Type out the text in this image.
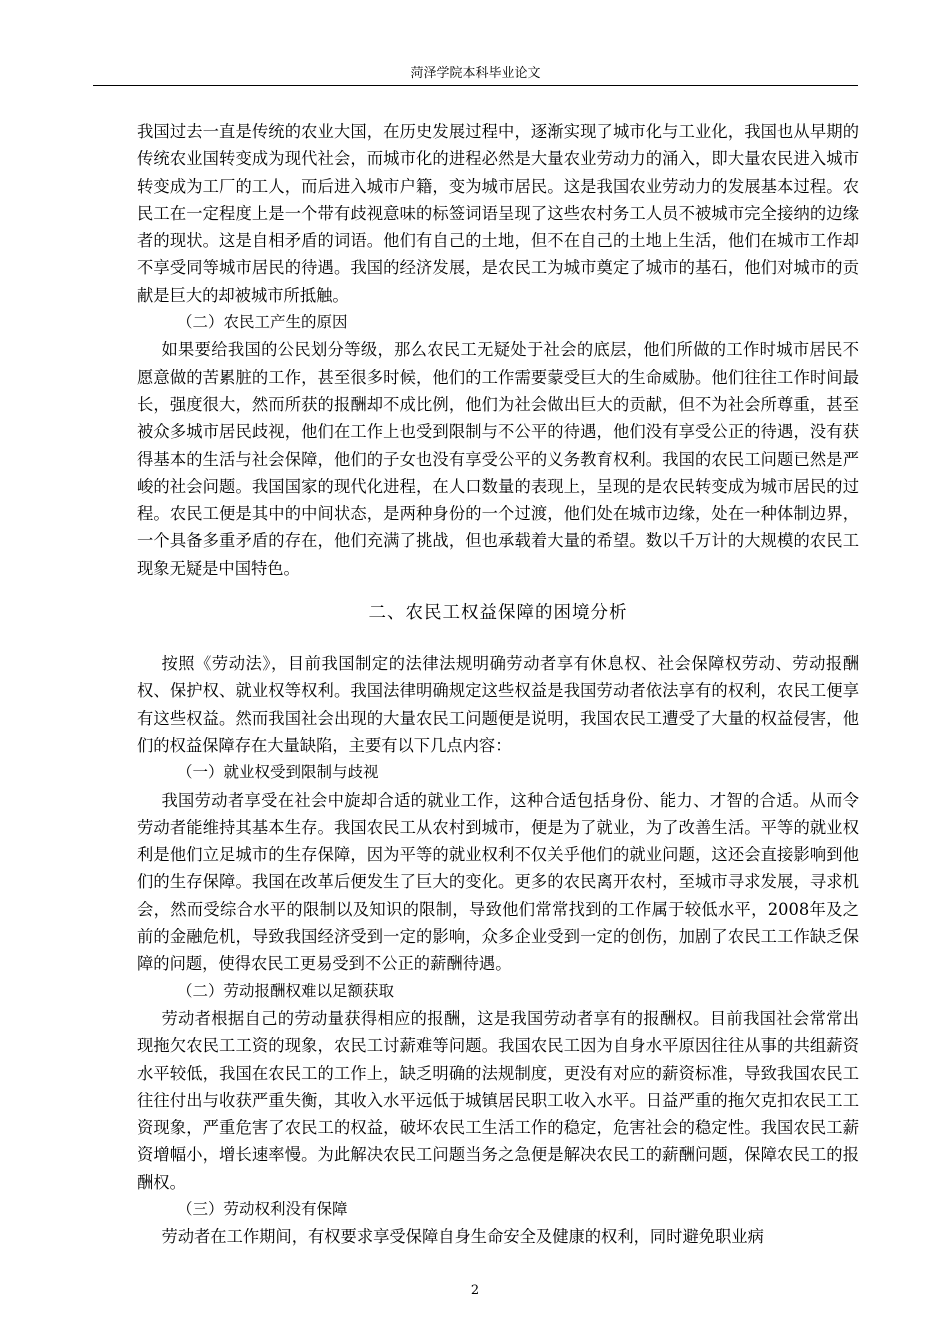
菏泽学院本科毕业论文

我国过去一直是传统的农业大国，在历史发展过程中，逐渐实现了城市化与工业化，我国也从早期的传统农业国转变成为现代社会，而城市化的进程必然是大量农业劳动力的涌入，即大量农民进入城市转变成为工厂的工人，而后进入城市户籍，变为城市居民。这是我国农业劳动力的发展基本过程。农民工在一定程度上是一个带有歧视意味的标签词语呈现了这些农村务工人员不被城市完全接纳的边缘者的现状。这是自相矛盾的词语。他们有自己的土地，但不在自己的土地上生活，他们在城市工作却不享受同等城市居民的待遇。我国的经济发展，是农民工为城市奠定了城市的基石，他们对城市的贡献是巨大的却被城市所抵触。

（二）农民工产生的原因

如果要给我国的公民划分等级，那么农民工无疑处于社会的底层，他们所做的工作时城市居民不愿意做的苦累脏的工作，甚至很多时候，他们的工作需要蒙受巨大的生命威胁。他们往往工作时间最长，强度很大，然而所获的报酬却不成比例，他们为社会做出巨大的贡献，但不为社会所尊重，甚至被众多城市居民歧视，他们在工作上也受到限制与不公平的待遇，他们没有享受公正的待遇，没有获得基本的生活与社会保障，他们的子女也没有享受公平的义务教育权利。我国的农民工问题已然是严峻的社会问题。我国国家的现代化进程，在人口数量的表现上，呈现的是农民转变成为城市居民的过程。农民工便是其中的中间状态，是两种身份的一个过渡，他们处在城市边缘，处在一种体制边界，一个具备多重矛盾的存在，他们充满了挑战，但也承载着大量的希望。数以千万计的大规模的农民工现象无疑是中国特色。

二、农民工权益保障的困境分析

按照《劳动法》，目前我国制定的法律法规明确劳动者享有休息权、社会保障权劳动、劳动报酬权、保护权、就业权等权利。我国法律明确规定这些权益是我国劳动者依法享有的权利，农民工便享有这些权益。然而我国社会出现的大量农民工问题便是说明，我国农民工遭受了大量的权益侵害，他们的权益保障存在大量缺陷，主要有以下几点内容：

（一）就业权受到限制与歧视

我国劳动者享受在社会中旋却合适的就业工作，这种合适包括身份、能力、才智的合适。从而令劳动者能维持其基本生存。我国农民工从农村到城市，便是为了就业，为了改善生活。平等的就业权利是他们立足城市的生存保障，因为平等的就业权利不仅关乎他们的就业问题，这还会直接影响到他们的生存保障。我国在改革后便发生了巨大的变化。更多的农民离开农村，至城市寻求发展，寻求机会，然而受综合水平的限制以及知识的限制，导致他们常常找到的工作属于较低水平，2008年及之前的金融危机，导致我国经济受到一定的影响，众多企业受到一定的创伤，加剧了农民工工作缺乏保障的问题，使得农民工更易受到不公正的薪酬待遇。

（二）劳动报酬权难以足额获取

劳动者根据自己的劳动量获得相应的报酬，这是我国劳动者享有的报酬权。目前我国社会常常出现拖欠农民工工资的现象，农民工讨薪难等问题。我国农民工因为自身水平原因往往从事的共组薪资水平较低，我国在农民工的工作上，缺乏明确的法规制度，更没有对应的薪资标准，导致我国农民工往往付出与收获严重失衡，其收入水平远低于城镇居民职工收入水平。日益严重的拖欠克扣农民工工资现象，严重危害了农民工的权益，破坏农民工生活工作的稳定，危害社会的稳定性。我国农民工薪资增幅小，增长速率慢。为此解决农民工问题当务之急便是解决农民工的薪酬问题，保障农民工的报酬权。

（三）劳动权利没有保障

劳动者在工作期间，有权要求享受保障自身生命安全及健康的权利，同时避免职业病

2
